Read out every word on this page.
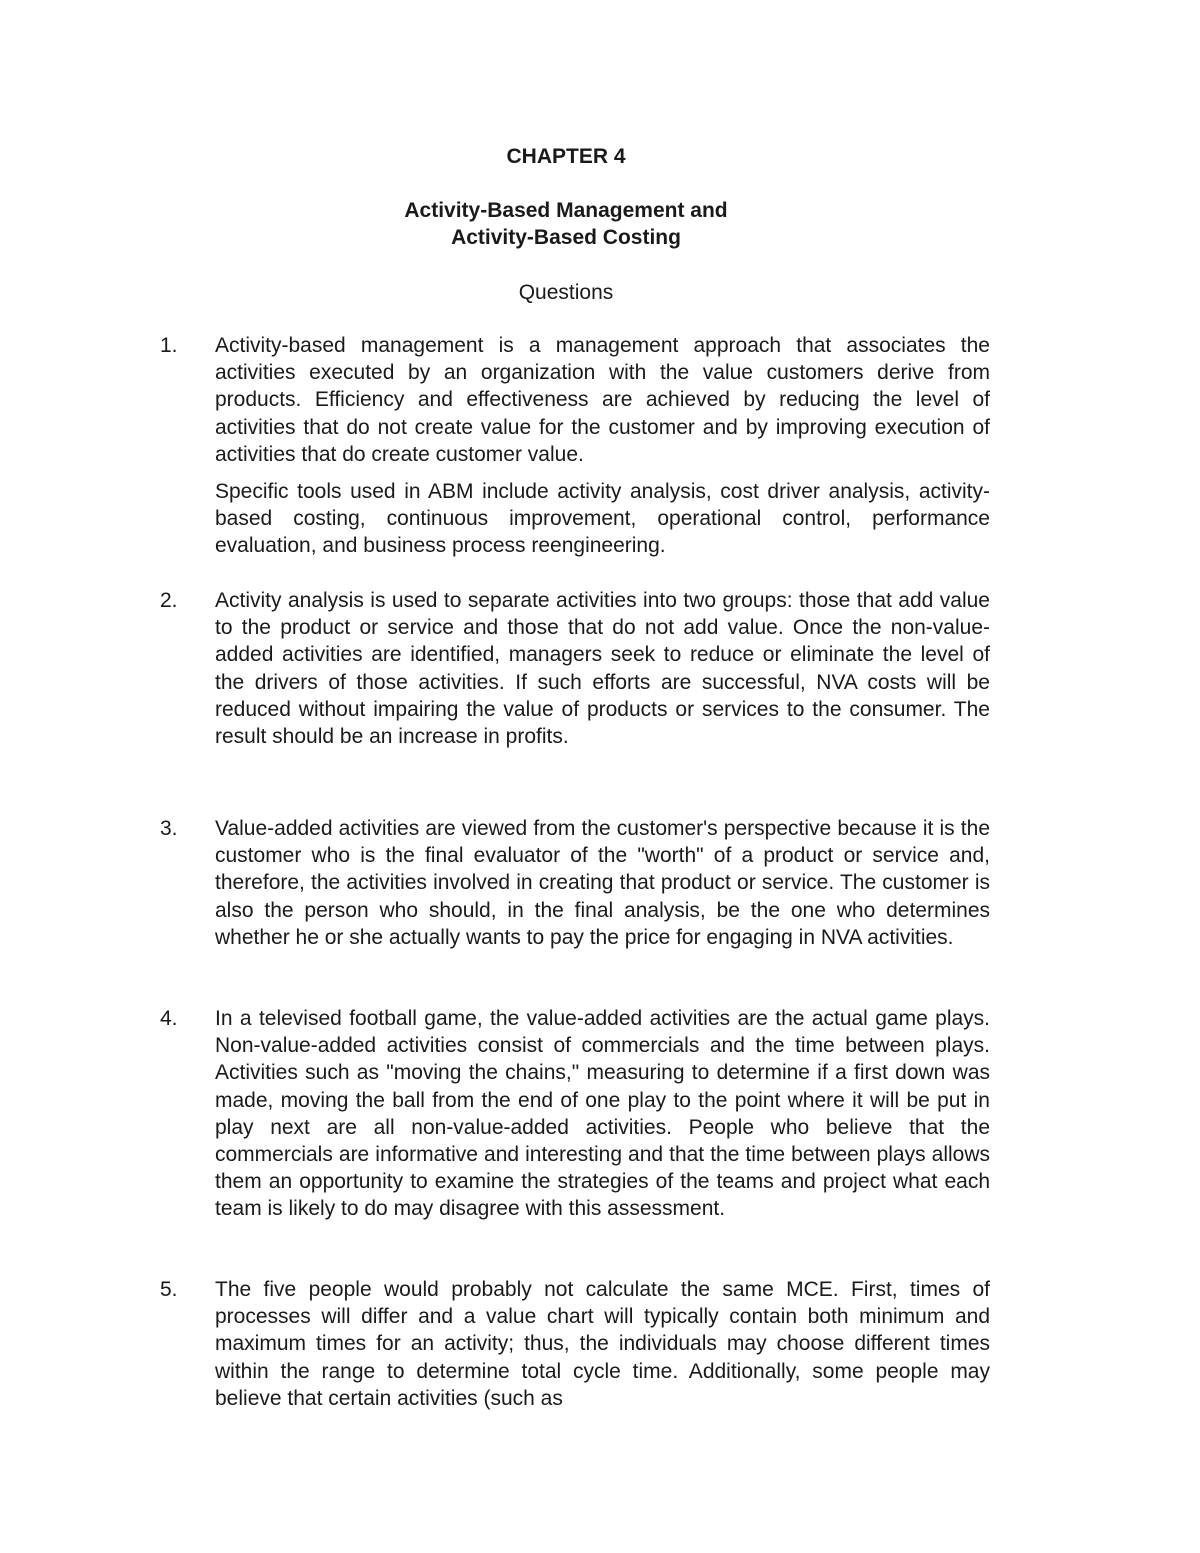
CHAPTER 4
Activity-Based Management and
Activity-Based Costing
Questions
1.	Activity-based management is a management approach that associates the activities executed by an organization with the value customers derive from products. Efficiency and effectiveness are achieved by reducing the level of activities that do not create value for the customer and by improving execution of activities that do create customer value.

Specific tools used in ABM include activity analysis, cost driver analysis, activity-based costing, continuous improvement, operational control, performance evaluation, and business process reengineering.

2.	Activity analysis is used to separate activities into two groups: those that add value to the product or service and those that do not add value. Once the non-value-added activities are identified, managers seek to reduce or eliminate the level of the drivers of those activities. If such efforts are successful, NVA costs will be reduced without impairing the value of products or services to the consumer. The result should be an increase in profits.

3.	Value-added activities are viewed from the customer's perspective because it is the customer who is the final evaluator of the "worth" of a product or service and, therefore, the activities involved in creating that product or service. The customer is also the person who should, in the final analysis, be the one who determines whether he or she actually wants to pay the price for engaging in NVA activities.

4.	In a televised football game, the value-added activities are the actual game plays. Non-value-added activities consist of commercials and the time between plays. Activities such as "moving the chains," measuring to determine if a first down was made, moving the ball from the end of one play to the point where it will be put in play next are all non-value-added activities. People who believe that the commercials are informative and interesting and that the time between plays allows them an opportunity to examine the strategies of the teams and project what each team is likely to do may disagree with this assessment.

5.	The five people would probably not calculate the same MCE. First, times of processes will differ and a value chart will typically contain both minimum and maximum times for an activity; thus, the individuals may choose different times within the range to determine total cycle time. Additionally, some people may believe that certain activities (such as
